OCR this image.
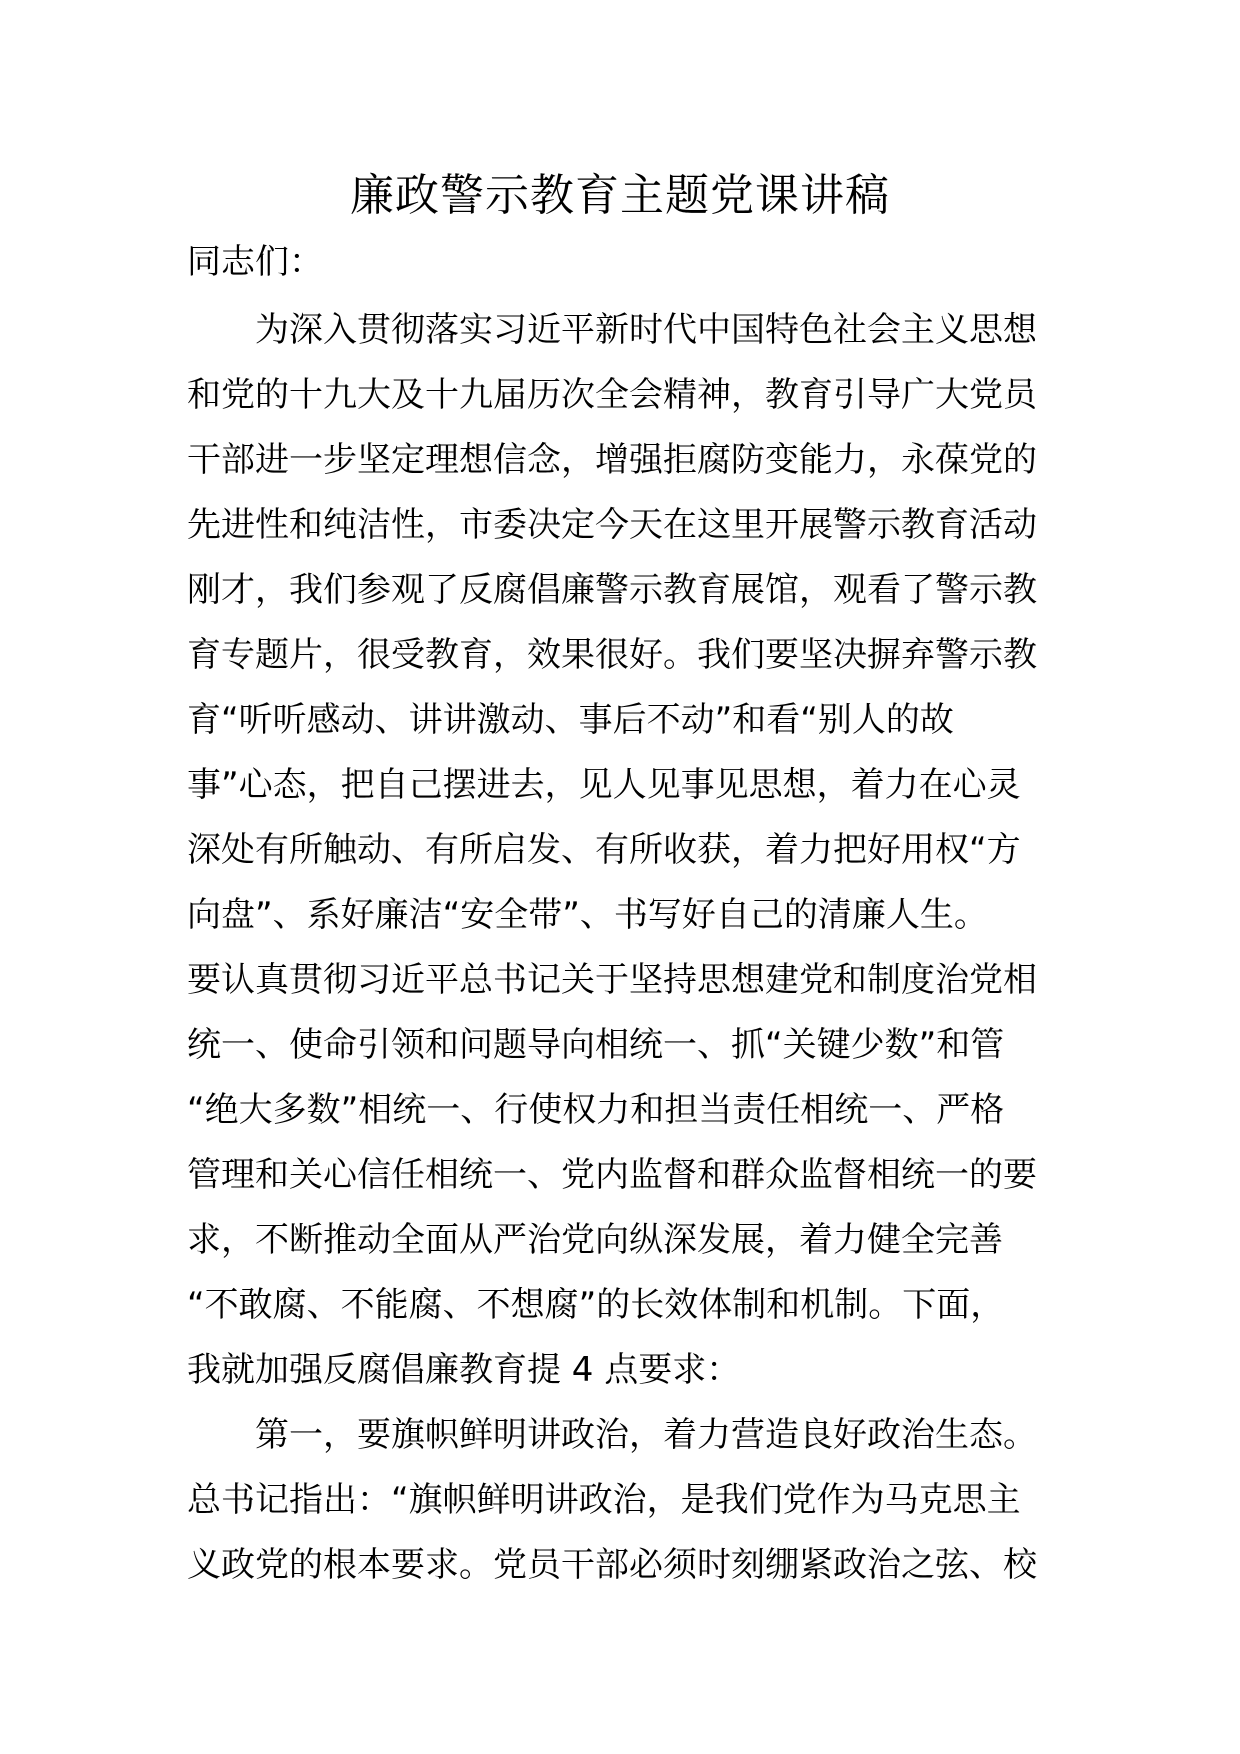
廉政警示教育主题党课讲稿
同志们：
为深入贯彻落实习近平新时代中国特色社会主义思想
和党的十九大及十九届历次全会精神，教育引导广大党员
干部进一步坚定理想信念，增强拒腐防变能力，永葆党的
先进性和纯洁性，市委决定今天在这里开展警示教育活动
刚才，我们参观了反腐倡廉警示教育展馆，观看了警示教
育专题片，很受教育，效果很好。我们要坚决摒弃警示教
育“听听感动、讲讲激动、事后不动”和看“别人的故
事”心态，把自己摆进去，见人见事见思想，着力在心灵
深处有所触动、有所启发、有所收获，着力把好用权“方
向盘”、系好廉洁“安全带”、书写好自己的清廉人生。
要认真贯彻习近平总书记关于坚持思想建党和制度治党相
统一、使命引领和问题导向相统一、抓“关键少数”和管
“绝大多数”相统一、行使权力和担当责任相统一、严格
管理和关心信任相统一、党内监督和群众监督相统一的要
求，不断推动全面从严治党向纵深发展，着力健全完善
“不敢腐、不能腐、不想腐”的长效体制和机制。下面，
我就加强反腐倡廉教育提 4 点要求：
第一，要旗帜鲜明讲政治，着力营造良好政治生态。
总书记指出：“旗帜鲜明讲政治，是我们党作为马克思主
义政党的根本要求。党员干部必须时刻绷紧政治之弦、校
